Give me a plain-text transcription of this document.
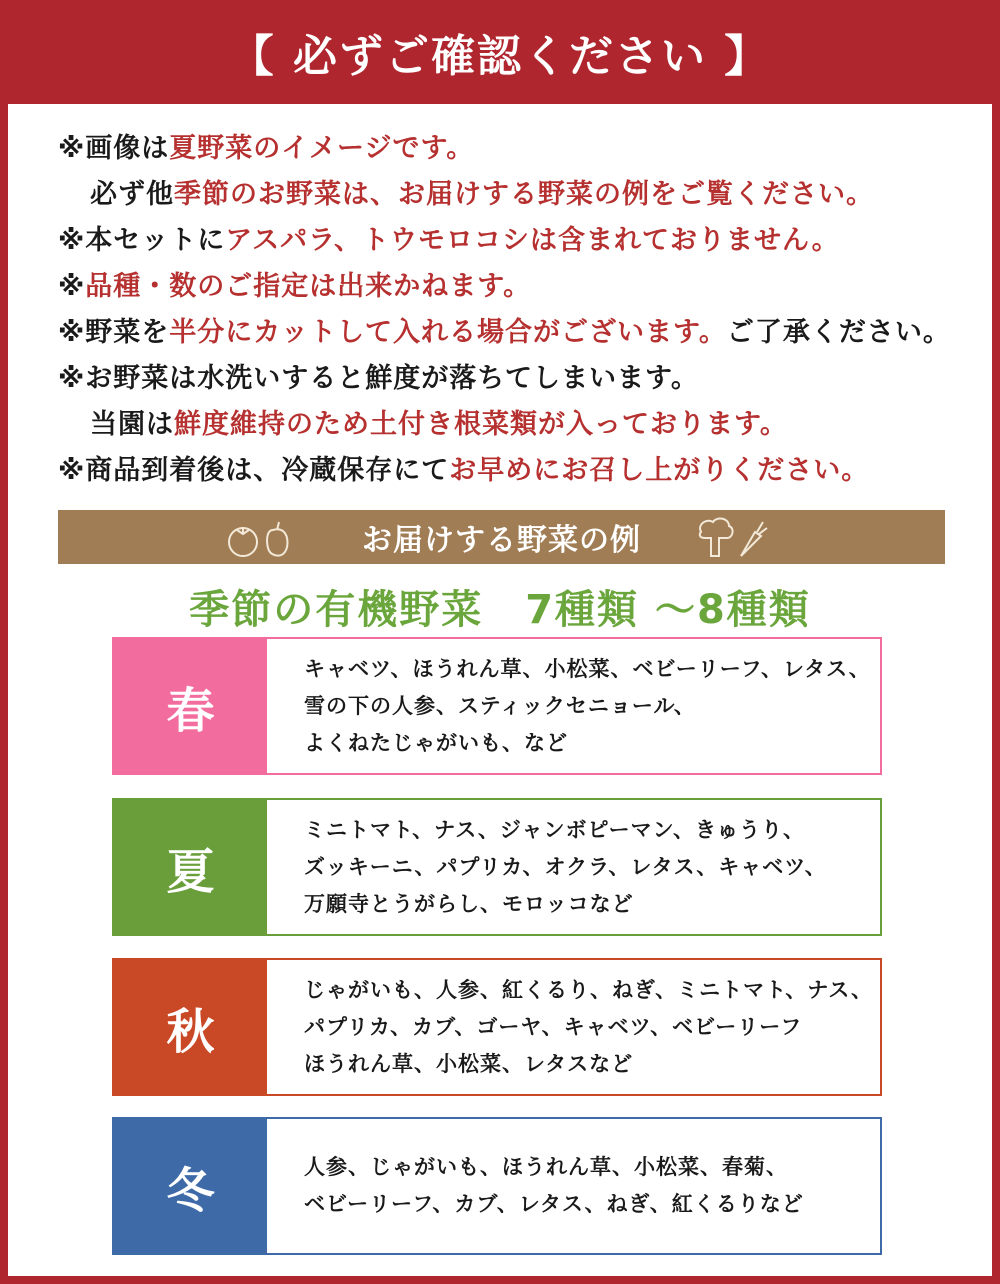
【 必ずご確認ください 】
※画像は夏野菜のイメージです。
必ず他季節のお野菜は、お届けする野菜の例をご覧ください。
※本セットにアスパラ、トウモロコシは含まれておりません。
※品種・数のご指定は出来かねます。
※野菜を半分にカットして入れる場合がございます。ご了承ください。
※お野菜は水洗いすると鮮度が落ちてしまいます。
当園は鮮度維持のため土付き根菜類が入っております。
※商品到着後は、冷蔵保存にてお早めにお召し上がりください。
お届けする野菜の例
季節の有機野菜　7種類 ～8種類
春
キャベツ、ほうれん草、小松菜、ベビーリーフ、レタス、
雪の下の人参、スティックセニョール、
よくねたじゃがいも、など
夏
ミニトマト、ナス、ジャンボピーマン、きゅうり、
ズッキーニ、パプリカ、オクラ、レタス、キャベツ、
万願寺とうがらし、モロッコなど
秋
じゃがいも、人参、紅くるり、ねぎ、ミニトマト、ナス、
パプリカ、カブ、ゴーヤ、キャベツ、ベビーリーフ
ほうれん草、小松菜、レタスなど
冬	人参、じゃがいも、ほうれん草、小松菜、春菊、
ベビーリーフ、カブ、レタス、ねぎ、紅くるりなど
